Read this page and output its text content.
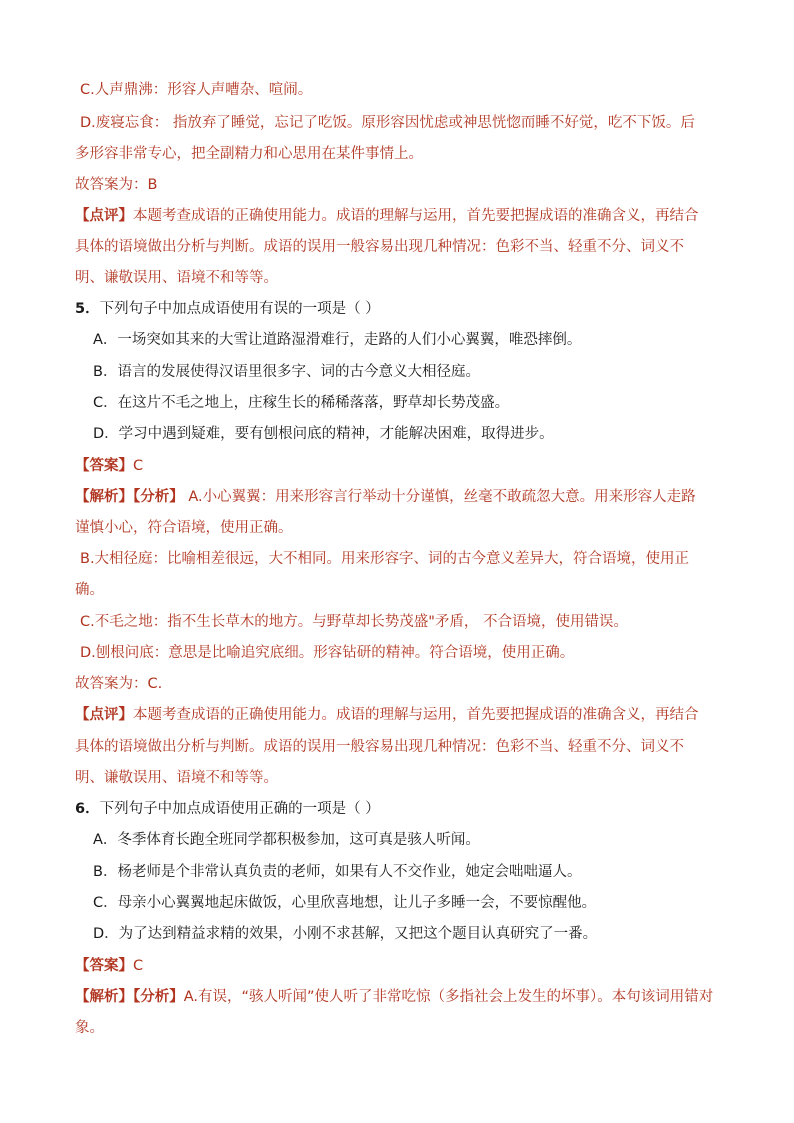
C.人声鼎沸：形容人声嘈杂、喧闹。
D.废寝忘食： 指放弃了睡觉，忘记了吃饭。原形容因忧虑或神思恍惚而睡不好觉，吃不下饭。后
多形容非常专心，把全副精力和心思用在某件事情上。
故答案为：B
【点评】本题考查成语的正确使用能力。成语的理解与运用，首先要把握成语的准确含义，再结合
具体的语境做出分析与判断。成语的误用一般容易出现几种情况：色彩不当、轻重不分、词义不
明、谦敬误用、语境不和等等。
5．下列句子中加点成语使用有误的一项是（ ）
A．一场突如其来的大雪让道路湿滑难行，走路的人们小心翼翼，唯恐摔倒。
B．语言的发展使得汉语里很多字、词的古今意义大相径庭。
C．在这片不毛之地上，庄稼生长的稀稀落落，野草却长势茂盛。
D．学习中遇到疑难，要有刨根问底的精神，才能解决困难，取得进步。
【答案】C
【解析】【分析】 A.小心翼翼：用来形容言行举动十分谨慎，丝毫不敢疏忽大意。用来形容人走路
谨慎小心，符合语境，使用正确。
B.大相径庭：比喻相差很远，大不相同。用来形容字、词的古今意义差异大，符合语境，使用正
确。
C.不毛之地：指不生长草木的地方。与野草却长势茂盛"矛盾， 不合语境，使用错误。
D.刨根问底：意思是比喻追究底细。形容钻研的精神。符合语境，使用正确。
故答案为：C.
【点评】本题考查成语的正确使用能力。成语的理解与运用，首先要把握成语的准确含义，再结合
具体的语境做出分析与判断。成语的误用一般容易出现几种情况：色彩不当、轻重不分、词义不
明、谦敬误用、语境不和等等。
6．下列句子中加点成语使用正确的一项是（ ）
A．冬季体育长跑全班同学都积极参加，这可真是骇人听闻。
B．杨老师是个非常认真负责的老师，如果有人不交作业，她定会咄咄逼人。
C．母亲小心翼翼地起床做饭，心里欣喜地想，让儿子多睡一会，不要惊醒他。
D．为了达到精益求精的效果，小刚不求甚解，又把这个题目认真研究了一番。
【答案】C
【解析】【分析】A.有误，“骇人听闻”使人听了非常吃惊（多指社会上发生的坏事）。本句该词用错对
象。
